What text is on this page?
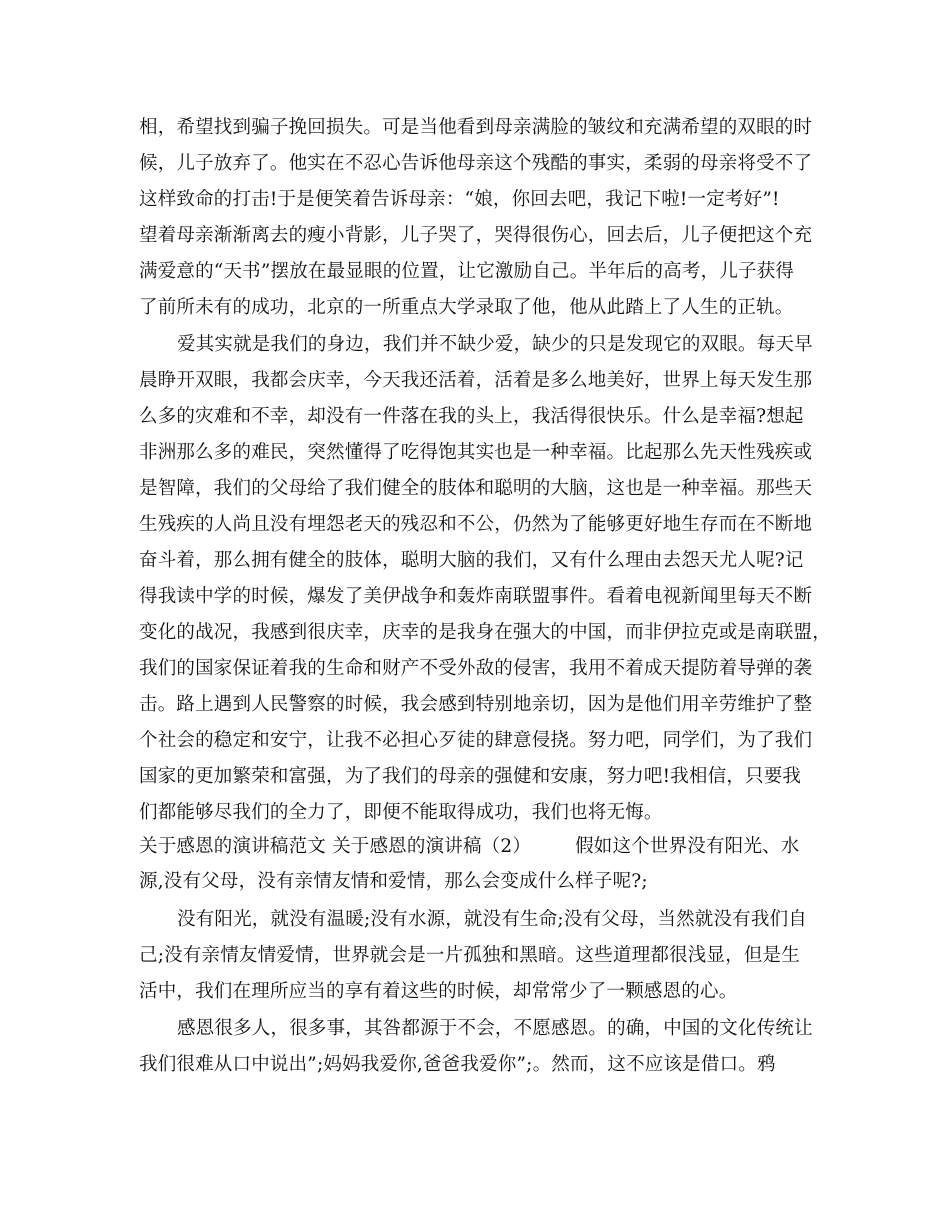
相，希望找到骗子挽回损失。可是当他看到母亲满脸的皱纹和充满希望的双眼的时
候，儿子放弃了。他实在不忍心告诉他母亲这个残酷的事实，柔弱的母亲将受不了
这样致命的打击!于是便笑着告诉母亲：“娘，你回去吧，我记下啦!一定考好”!
望着母亲渐渐离去的瘦小背影，儿子哭了，哭得很伤心，回去后，儿子便把这个充
满爱意的“天书”摆放在最显眼的位置，让它激励自己。半年后的高考，儿子获得
了前所未有的成功，北京的一所重点大学录取了他，他从此踏上了人生的正轨。
爱其实就是我们的身边，我们并不缺少爱，缺少的只是发现它的双眼。每天早
晨睁开双眼，我都会庆幸，今天我还活着，活着是多么地美好，世界上每天发生那
么多的灾难和不幸，却没有一件落在我的头上，我活得很快乐。什么是幸福?想起
非洲那么多的难民，突然懂得了吃得饱其实也是一种幸福。比起那么先天性残疾或
是智障，我们的父母给了我们健全的肢体和聪明的大脑，这也是一种幸福。那些天
生残疾的人尚且没有埋怨老天的残忍和不公，仍然为了能够更好地生存而在不断地
奋斗着，那么拥有健全的肢体，聪明大脑的我们，又有什么理由去怨天尤人呢?记
得我读中学的时候，爆发了美伊战争和轰炸南联盟事件。看着电视新闻里每天不断
变化的战况，我感到很庆幸，庆幸的是我身在强大的中国，而非伊拉克或是南联盟，
我们的国家保证着我的生命和财产不受外敌的侵害，我用不着成天提防着导弹的袭
击。路上遇到人民警察的时候，我会感到特别地亲切，因为是他们用辛劳维护了整
个社会的稳定和安宁，让我不必担心歹徒的肆意侵挠。努力吧，同学们，为了我们
国家的更加繁荣和富强，为了我们的母亲的强健和安康，努力吧!我相信，只要我
们都能够尽我们的全力了，即便不能取得成功，我们也将无悔。
关于感恩的演讲稿范文 关于感恩的演讲稿（2） 假如这个世界没有阳光、水
源,没有父母，没有亲情友情和爱情，那么会变成什么样子呢?;
没有阳光，就没有温暖;没有水源，就没有生命;没有父母，当然就没有我们自
己;没有亲情友情爱情，世界就会是一片孤独和黑暗。这些道理都很浅显，但是生
活中，我们在理所应当的享有着这些的时候，却常常少了一颗感恩的心。
感恩很多人，很多事，其咎都源于不会，不愿感恩。的确，中国的文化传统让
我们很难从口中说出”;妈妈我爱你,爸爸我爱你”;。然而，这不应该是借口。鸦
